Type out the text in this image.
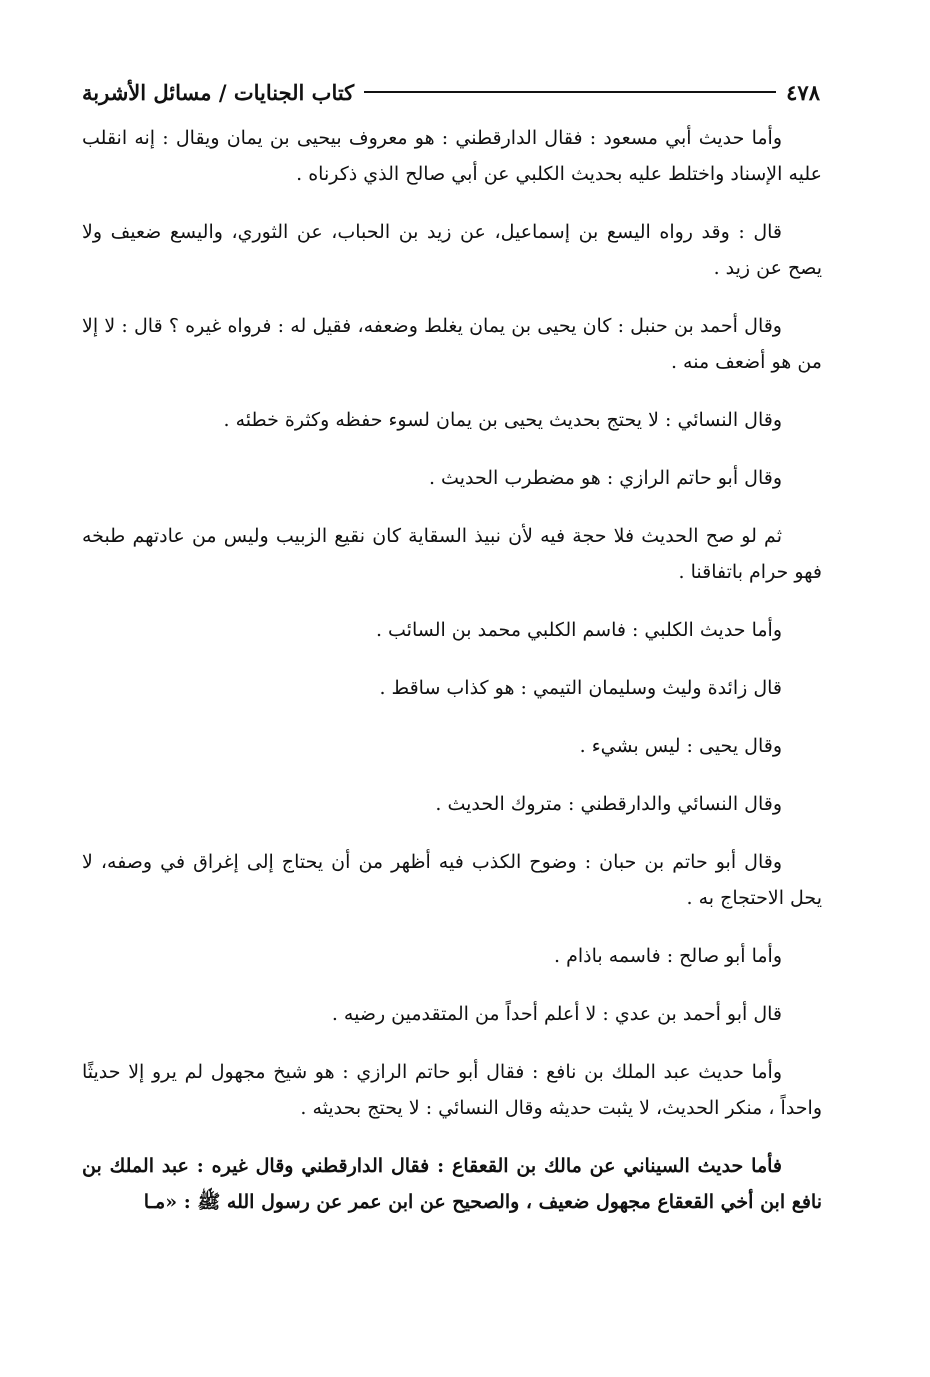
٤٧٨
كتاب الجنايات / مسائل الأشربة

وأما حديث أبي مسعود : فقال الدارقطني : هو معروف بيحيى بن يمان ويقال : إنه انقلب عليه الإسناد واختلط عليه بحديث الكلبي عن أبي صالح الذي ذكرناه .

قال : وقد رواه اليسع بن إسماعيل، عن زيد بن الحباب، عن الثوري، واليسع ضعيف ولا يصح عن زيد .

وقال أحمد بن حنبل : كان يحيى بن يمان يغلط وضعفه، فقيل له : فرواه غيره ؟ قال : لا إلا من هو أضعف منه .

وقال النسائي : لا يحتج بحديث يحيى بن يمان لسوء حفظه وكثرة خطئه .

وقال أبو حاتم الرازي : هو مضطرب الحديث .

ثم لو صح الحديث فلا حجة فيه لأن نبيذ السقاية كان نقيع الزبيب وليس من عادتهم طبخه فهو حرام باتفاقنا .

وأما حديث الكلبي : فاسم الكلبي محمد بن السائب .

قال زائدة وليث وسليمان التيمي : هو كذاب ساقط .

وقال يحيى : ليس بشيء .

وقال النسائي والدارقطني : متروك الحديث .

وقال أبو حاتم بن حبان : وضوح الكذب فيه أظهر من أن يحتاج إلى إغراق في وصفه، لا يحل الاحتجاج به .

وأما أبو صالح : فاسمه باذام .

قال أبو أحمد بن عدي : لا أعلم أحداً من المتقدمين رضيه .

وأما حديث عبد الملك بن نافع : فقال أبو حاتم الرازي : هو شيخ مجهول لم يرو إلا حديثًا واحداً ، منكر الحديث، لا يثبت حديثه وقال النسائي : لا يحتج بحديثه .

فأما حديث السيناني عن مالك بن القعقاع : فقال الدارقطني وقال غيره : عبد الملك بن نافع ابن أخي القعقاع مجهول ضعيف ، والصحيح عن ابن عمر عن رسول الله ﷺ : «مـا
